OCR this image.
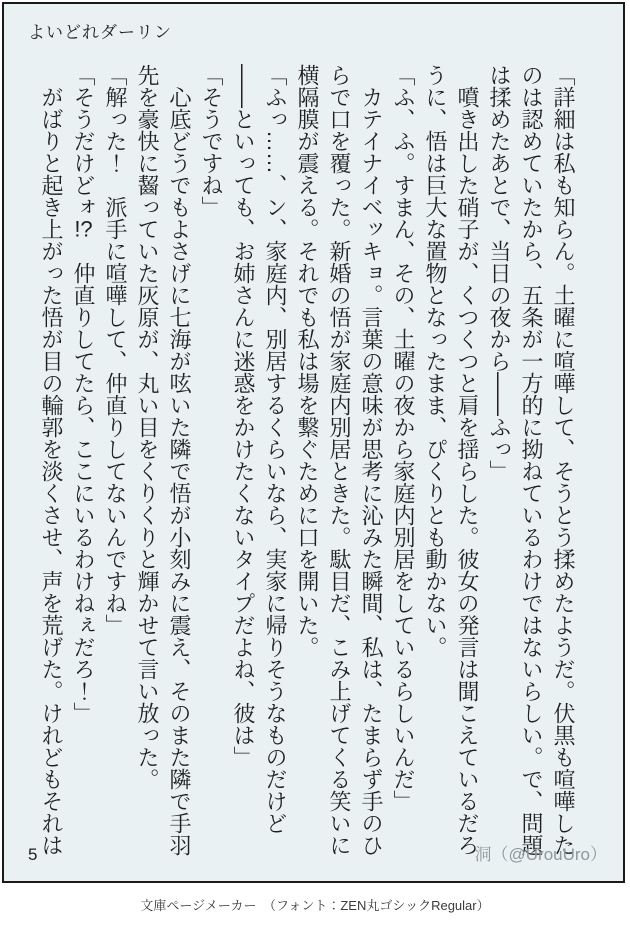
よいどれダーリン
「詳細は私も知らん。土曜に喧嘩して、そうとう揉めたようだ。伏黒も喧嘩した
のは認めていたから、五条が一方的に拗ねているわけではないらしい。で、問題
は揉めたあとで、当日の夜から――ふっ」
　噴き出した硝子が、くつくつと肩を揺らした。彼女の発言は聞こえているだろ
うに、悟は巨大な置物となったまま、ぴくりとも動かない。
「ふ、ふ。すまん、その、土曜の夜から家庭内別居をしているらしいんだ」
　カテイナイベッキョ。言葉の意味が思考に沁みた瞬間、私は、たまらず手のひ
らで口を覆った。新婚の悟が家庭内別居ときた。駄目だ、こみ上げてくる笑いに
横隔膜が震える。それでも私は場を繋ぐために口を開いた。
「ふっ……、ン、家庭内、別居するくらいなら、実家に帰りそうなものだけど
――といっても、お姉さんに迷惑をかけたくないタイプだよね、彼は」
「そうですね」
　心底どうでもよさげに七海が呟いた隣で悟が小刻みに震え、そのまた隣で手羽
先を豪快に齧っていた灰原が、丸い目をくりくりと輝かせて言い放った。
「解った！　派手に喧嘩して、仲直りしてないんですね」
「そうだけどォ!?　仲直りしてたら、ここにいるわけねぇだろ！」
　がばりと起き上がった悟が目の輪郭を淡くさせ、声を荒げた。けれどもそれは
5	洞（@UrouUro）
文庫ページメーカー　（フォント：ZEN丸ゴシックRegular）
